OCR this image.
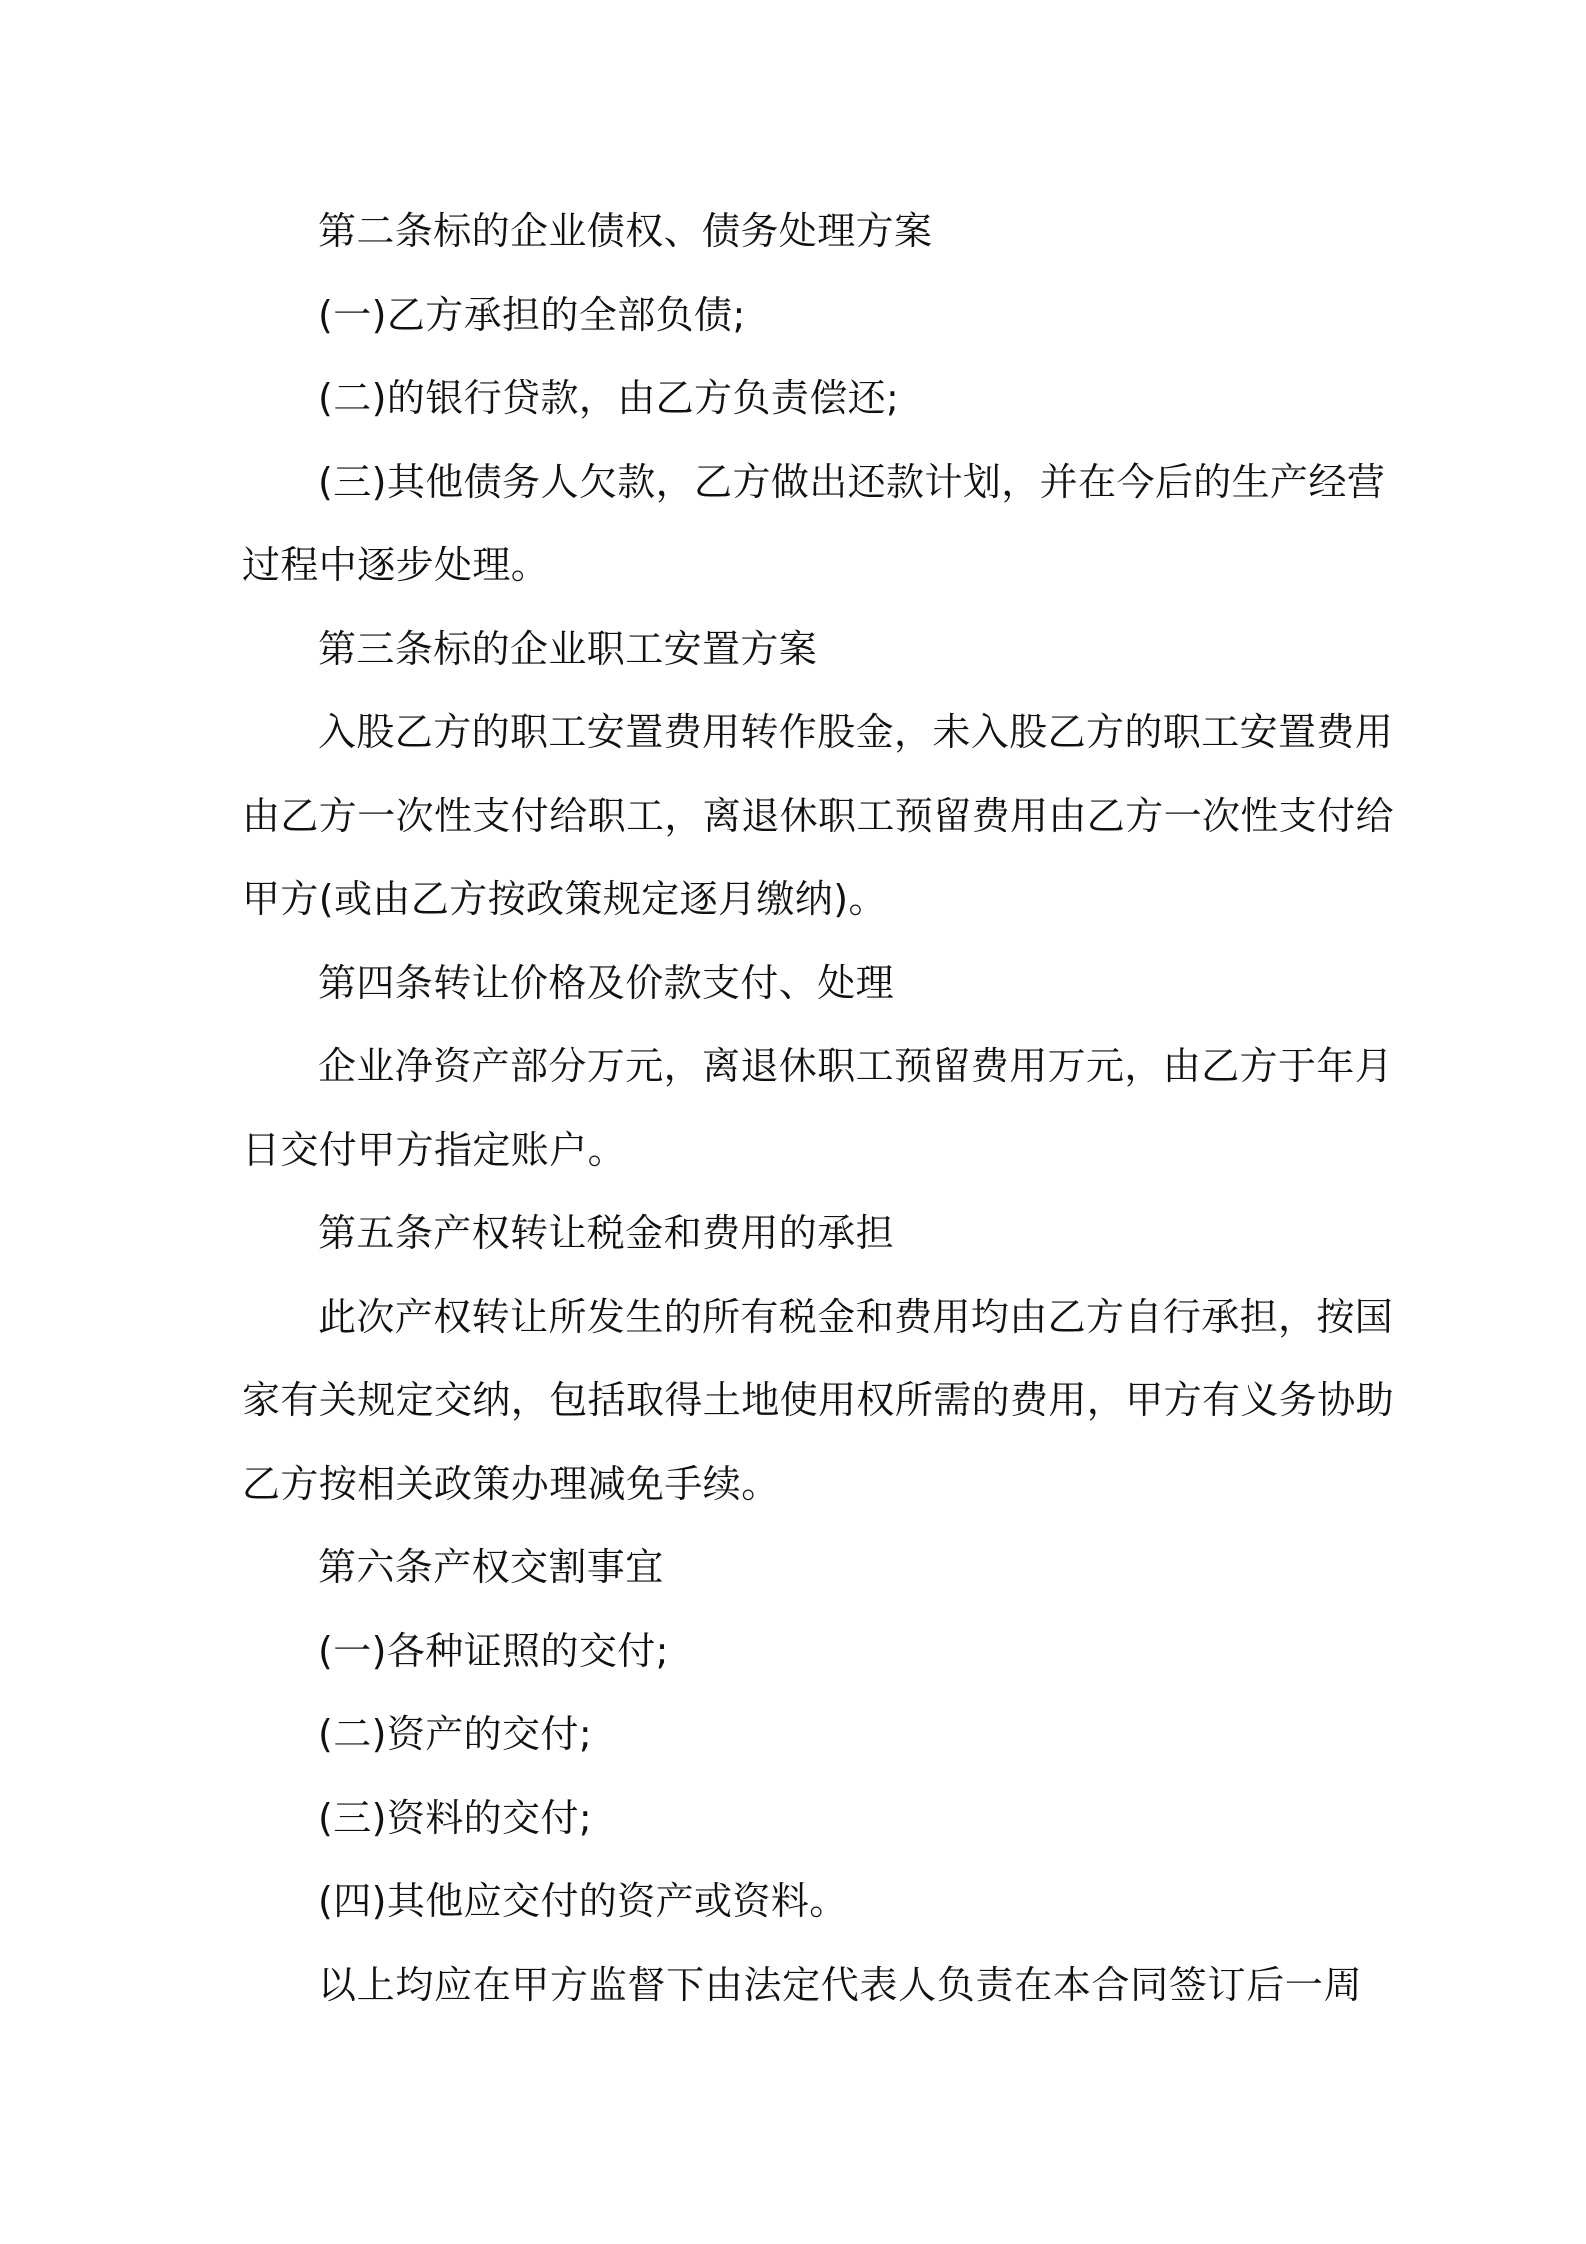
第二条标的企业债权、债务处理方案
(一)乙方承担的全部负债;
(二)的银行贷款，由乙方负责偿还;
(三)其他债务人欠款，乙方做出还款计划，并在今后的生产经营
过程中逐步处理。
第三条标的企业职工安置方案
入股乙方的职工安置费用转作股金，未入股乙方的职工安置费用
由乙方一次性支付给职工，离退休职工预留费用由乙方一次性支付给
甲方(或由乙方按政策规定逐月缴纳)。
第四条转让价格及价款支付、处理
企业净资产部分万元，离退休职工预留费用万元，由乙方于年月
日交付甲方指定账户。
第五条产权转让税金和费用的承担
此次产权转让所发生的所有税金和费用均由乙方自行承担，按国
家有关规定交纳，包括取得土地使用权所需的费用，甲方有义务协助
乙方按相关政策办理减免手续。
第六条产权交割事宜
(一)各种证照的交付;
(二)资产的交付;
(三)资料的交付;
(四)其他应交付的资产或资料。
以上均应在甲方监督下由法定代表人负责在本合同签订后一周
